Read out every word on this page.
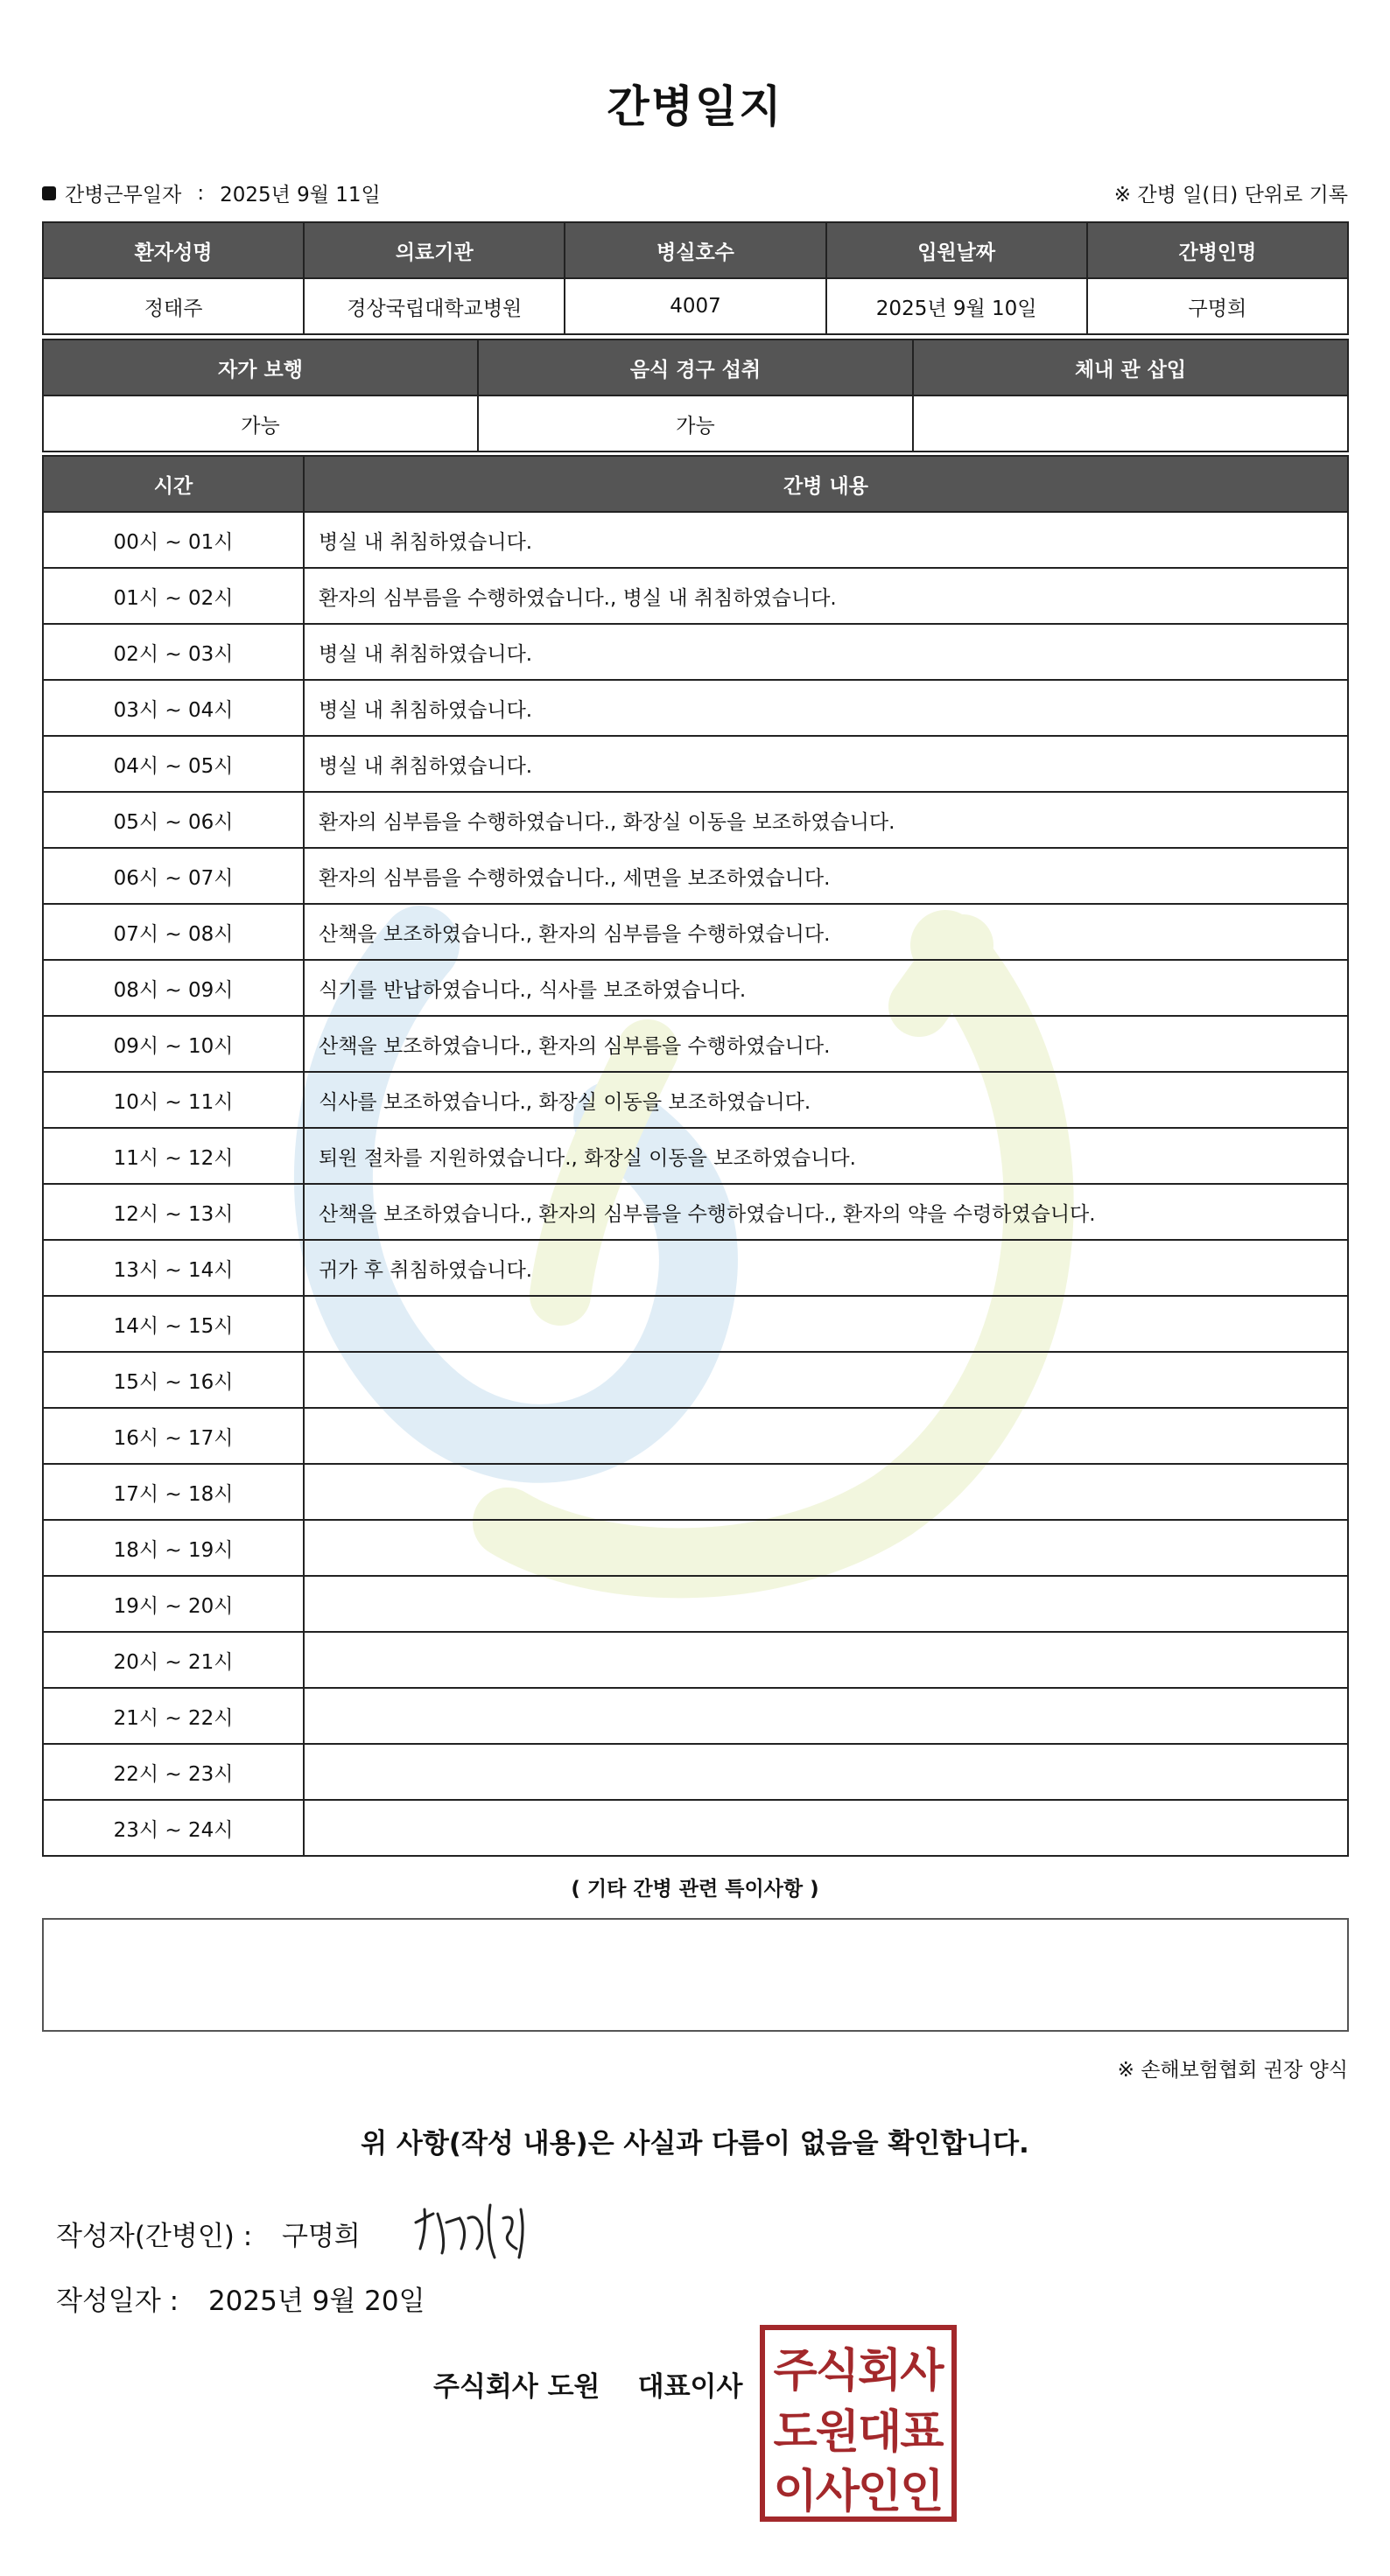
간병일지
간병근무일자 : 2025년 9월 11일	※ 간병 일(日) 단위로 기록
환자성명	의료기관	병실호수	입원날짜	간병인명
정태주	경상국립대학교병원	4007	2025년 9월 10일	구명희
자가 보행	음식 경구 섭취	체내 관 삽입
가능	가능	
시간	간병 내용
00시 ~ 01시	병실 내 취침하였습니다.
01시 ~ 02시	환자의 심부름을 수행하였습니다., 병실 내 취침하였습니다.
02시 ~ 03시	병실 내 취침하였습니다.
03시 ~ 04시	병실 내 취침하였습니다.
04시 ~ 05시	병실 내 취침하였습니다.
05시 ~ 06시	환자의 심부름을 수행하였습니다., 화장실 이동을 보조하였습니다.
06시 ~ 07시	환자의 심부름을 수행하였습니다., 세면을 보조하였습니다.
07시 ~ 08시	산책을 보조하였습니다., 환자의 심부름을 수행하였습니다.
08시 ~ 09시	식기를 반납하였습니다., 식사를 보조하였습니다.
09시 ~ 10시	산책을 보조하였습니다., 환자의 심부름을 수행하였습니다.
10시 ~ 11시	식사를 보조하였습니다., 화장실 이동을 보조하였습니다.
11시 ~ 12시	퇴원 절차를 지원하였습니다., 화장실 이동을 보조하였습니다.
12시 ~ 13시	산책을 보조하였습니다., 환자의 심부름을 수행하였습니다., 환자의 약을 수령하였습니다.
13시 ~ 14시	귀가 후 취침하였습니다.
14시 ~ 15시	
15시 ~ 16시	
16시 ~ 17시	
17시 ~ 18시	
18시 ~ 19시	
19시 ~ 20시	
20시 ~ 21시	
21시 ~ 22시	
22시 ~ 23시	
23시 ~ 24시	
( 기타 간병 관련 특이사항 )
※ 손해보험협회 권장 양식
위 사항(작성 내용)은 사실과 다름이 없음을 확인합니다.
작성자(간병인) : 구명희
작성일자 : 2025년 9월 20일
주식회사 도원    대표이사 주식회사
도원대표
이사인인
